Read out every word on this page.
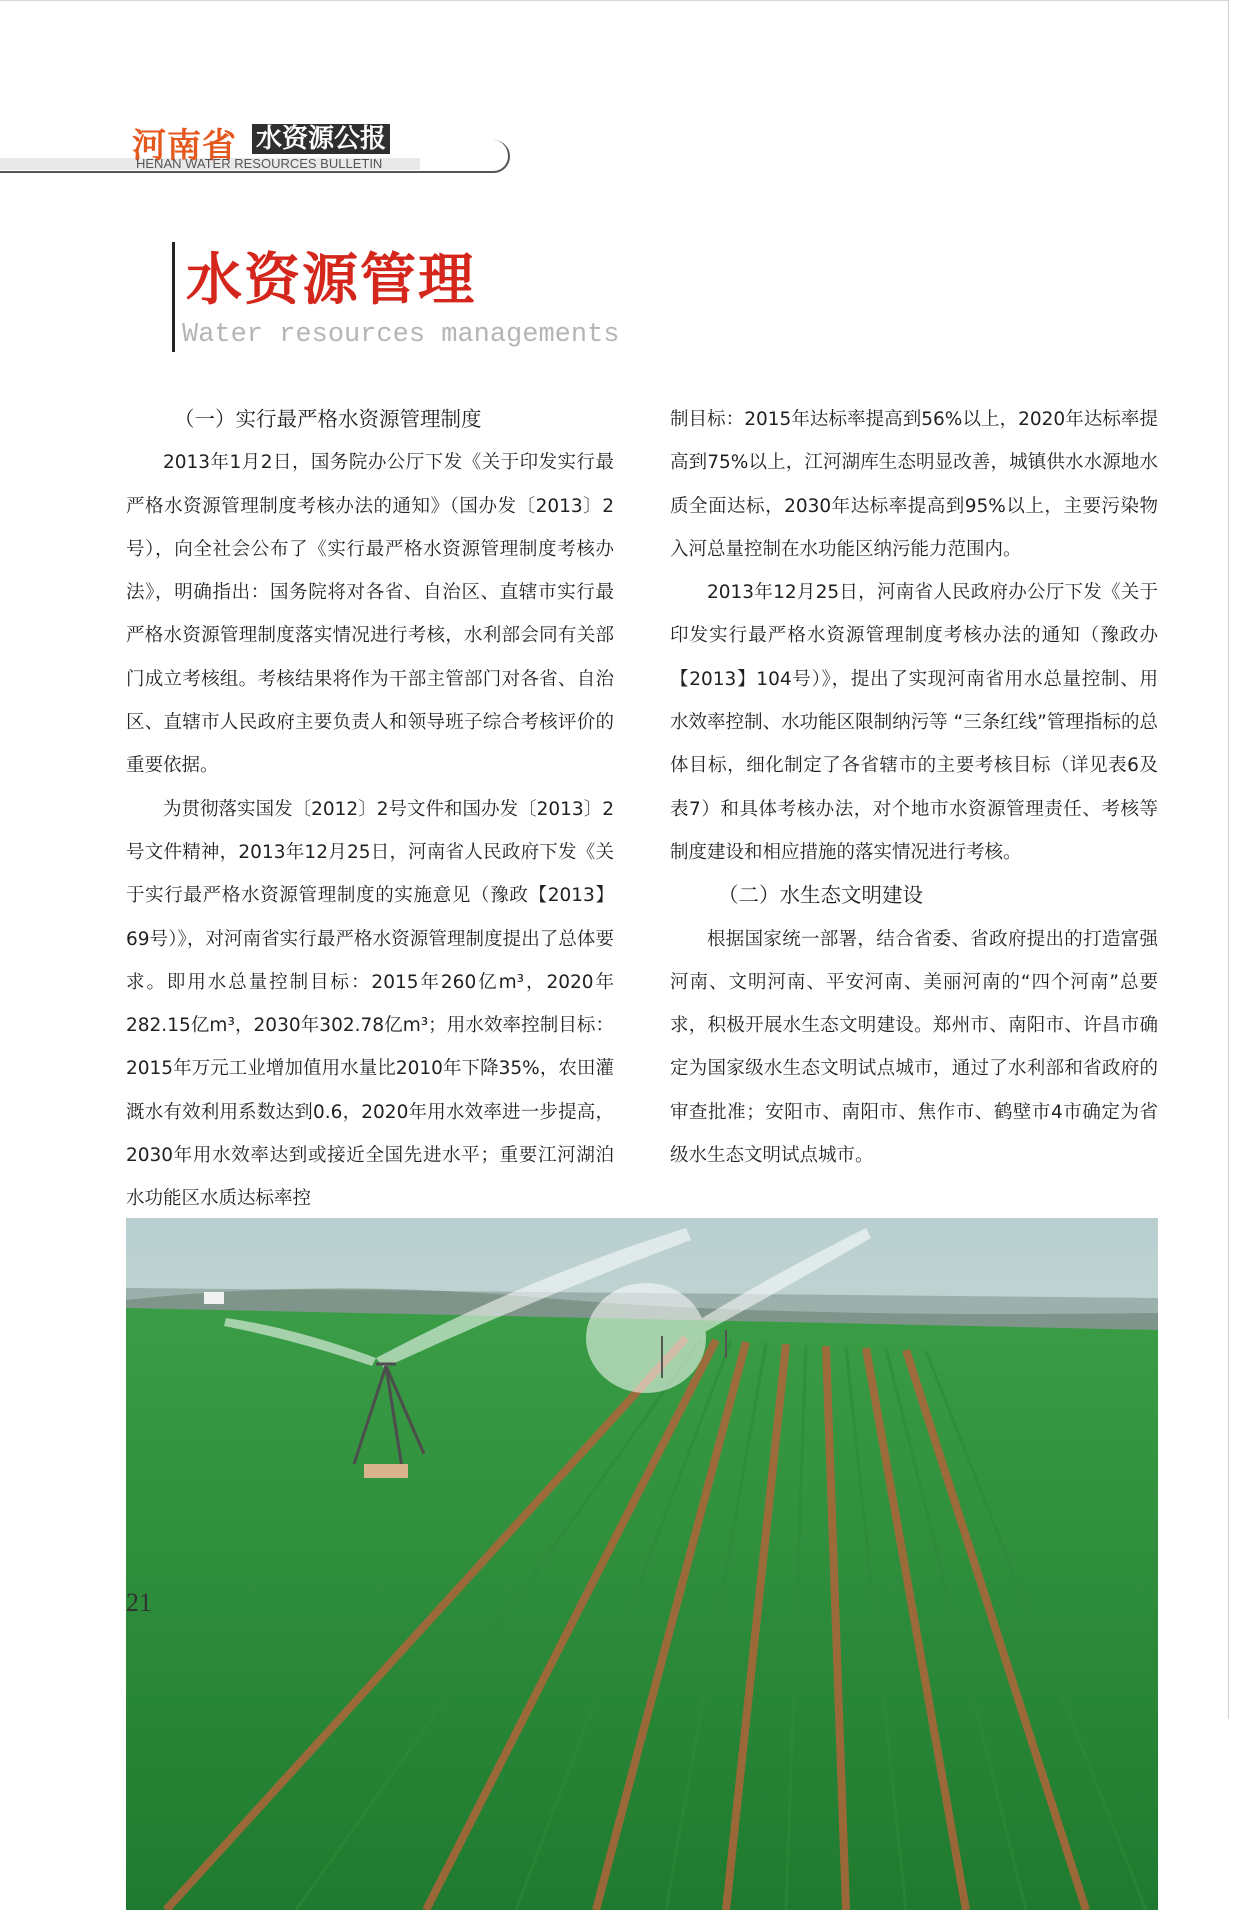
河南省 水资源公报
HENAN WATER RESOURCES BULLETIN
水资源管理
Water resources managements
（一）实行最严格水资源管理制度

2013年1月2日，国务院办公厅下发《关于印发实行最严格水资源管理制度考核办法的通知》（国办发〔2013〕2号），向全社会公布了《实行最严格水资源管理制度考核办法》，明确指出：国务院将对各省、自治区、直辖市实行最严格水资源管理制度落实情况进行考核，水利部会同有关部门成立考核组。考核结果将作为干部主管部门对各省、自治区、直辖市人民政府主要负责人和领导班子综合考核评价的重要依据。

为贯彻落实国发〔2012〕2号文件和国办发〔2013〕2号文件精神，2013年12月25日，河南省人民政府下发《关于实行最严格水资源管理制度的实施意见（豫政【2013】69号）》，对河南省实行最严格水资源管理制度提出了总体要求。即用水总量控制目标：2015年260亿m³，2020年282.15亿m³，2030年302.78亿m³；用水效率控制目标：2015年万元工业增加值用水量比2010年下降35%，农田灌溉水有效利用系数达到0.6，2020年用水效率进一步提高，2030年用水效率达到或接近全国先进水平；重要江河湖泊水功能区水质达标率控

制目标：2015年达标率提高到56%以上，2020年达标率提高到75%以上，江河湖库生态明显改善，城镇供水水源地水质全面达标，2030年达标率提高到95%以上，主要污染物入河总量控制在水功能区纳污能力范围内。

2013年12月25日，河南省人民政府办公厅下发《关于印发实行最严格水资源管理制度考核办法的通知（豫政办【2013】104号）》，提出了实现河南省用水总量控制、用水效率控制、水功能区限制纳污等 “三条红线”管理指标的总体目标，细化制定了各省辖市的主要考核目标（详见表6及表7）和具体考核办法，对个地市水资源管理责任、考核等制度建设和相应措施的落实情况进行考核。

（二）水生态文明建设

根据国家统一部署，结合省委、省政府提出的打造富强河南、文明河南、平安河南、美丽河南的“四个河南”总要求，积极开展水生态文明建设。郑州市、南阳市、许昌市确定为国家级水生态文明试点城市，通过了水利部和省政府的审查批准；安阳市、南阳市、焦作市、鹤壁市4市确定为省级水生态文明试点城市。

21
